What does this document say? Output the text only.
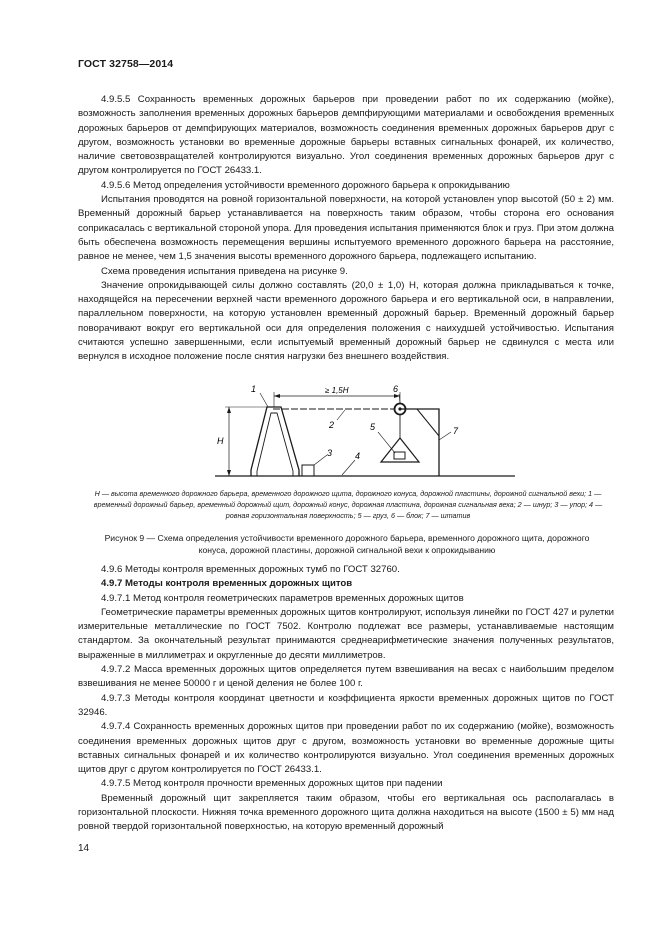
ГОСТ 32758—2014

4.9.5.5 Сохранность временных дорожных барьеров при проведении работ по их содержанию (мойке), возможность заполнения временных дорожных барьеров демпфирующими материалами и освобождения временных дорожных барьеров от демпфирующих материалов, возможность соединения временных дорожных барьеров друг с другом, возможность установки во временные дорожные барьеры вставных сигнальных фонарей, их количество, наличие световозвращателей контролируются визуально. Угол соединения временных дорожных барьеров друг с другом контролируется по ГОСТ 26433.1.

4.9.5.6 Метод определения устойчивости временного дорожного барьера к опрокидыванию

Испытания проводятся на ровной горизонтальной поверхности, на которой установлен упор высотой (50 ± 2) мм. Временный дорожный барьер устанавливается на поверхность таким образом, чтобы сторона его основания соприкасалась с вертикальной стороной упора. Для проведения испытания применяются блок и груз. При этом должна быть обеспечена возможность перемещения вершины испытуемого временного дорожного барьера на расстояние, равное не менее, чем 1,5 значения высоты временного дорожного барьера, подлежащего испытанию.

Схема проведения испытания приведена на рисунке 9.

Значение опрокидывающей силы должно составлять (20,0 ± 1,0) Н, которая должна прикладываться к точке, находящейся на пересечении верхней части временного дорожного барьера и его вертикальной оси, в направлении, параллельном поверхности, на которую установлен временный дорожный барьер. Временный дорожный барьер поворачивают вокруг его вертикальной оси для определения положения с наихудшей устойчивостью. Испытания считаются успешно завершенными, если испытуемый временный дорожный барьер не сдвинулся с места или вернулся в исходное положение после снятия нагрузки без внешнего воздействия.

H
1	≥ 1,5H
2
3	4
6
5	7

H — высота временного дорожного барьера, временного дорожного щита, дорожного конуса, дорожной пластины, дорожной сигнальной вехи; 1 — временный дорожный барьер, временный дорожный щит, дорожный конус, дорожная пластина, дорожная сигнальная веха; 2 — шнур; 3 — упор; 4 — ровная горизонтальная поверхность; 5 — груз, 6 — блок; 7 — штатив

Рисунок 9 — Схема определения устойчивости временного дорожного барьера, временного дорожного щита, дорожного конуса, дорожной пластины, дорожной сигнальной вехи к опрокидыванию

4.9.6 Методы контроля временных дорожных тумб по ГОСТ 32760.

4.9.7 Методы контроля временных дорожных щитов

4.9.7.1 Метод контроля геометрических параметров временных дорожных щитов

Геометрические параметры временных дорожных щитов контролируют, используя линейки по ГОСТ 427 и рулетки измерительные металлические по ГОСТ 7502. Контролю подлежат все размеры, устанавливаемые настоящим стандартом. За окончательный результат принимаются среднеарифметические значения полученных результатов, выраженные в миллиметрах и округленные до десяти миллиметров.

4.9.7.2 Масса временных дорожных щитов определяется путем взвешивания на весах с наибольшим пределом взвешивания не менее 50000 г и ценой деления не более 100 г.

4.9.7.3 Методы контроля координат цветности и коэффициента яркости временных дорожных щитов по ГОСТ 32946.

4.9.7.4 Сохранность временных дорожных щитов при проведении работ по их содержанию (мойке), возможность соединения временных дорожных щитов друг с другом, возможность установки во временные дорожные щиты вставных сигнальных фонарей и их количество контролируются визуально. Угол соединения временных дорожных щитов друг с другом контролируется по ГОСТ 26433.1.

4.9.7.5 Метод контроля прочности временных дорожных щитов при падении

Временный дорожный щит закрепляется таким образом, чтобы его вертикальная ось располагалась в горизонтальной плоскости. Нижняя точка временного дорожного щита должна находиться на высоте (1500 ± 5) мм над ровной твердой горизонтальной поверхностью, на которую временный дорожный

14
